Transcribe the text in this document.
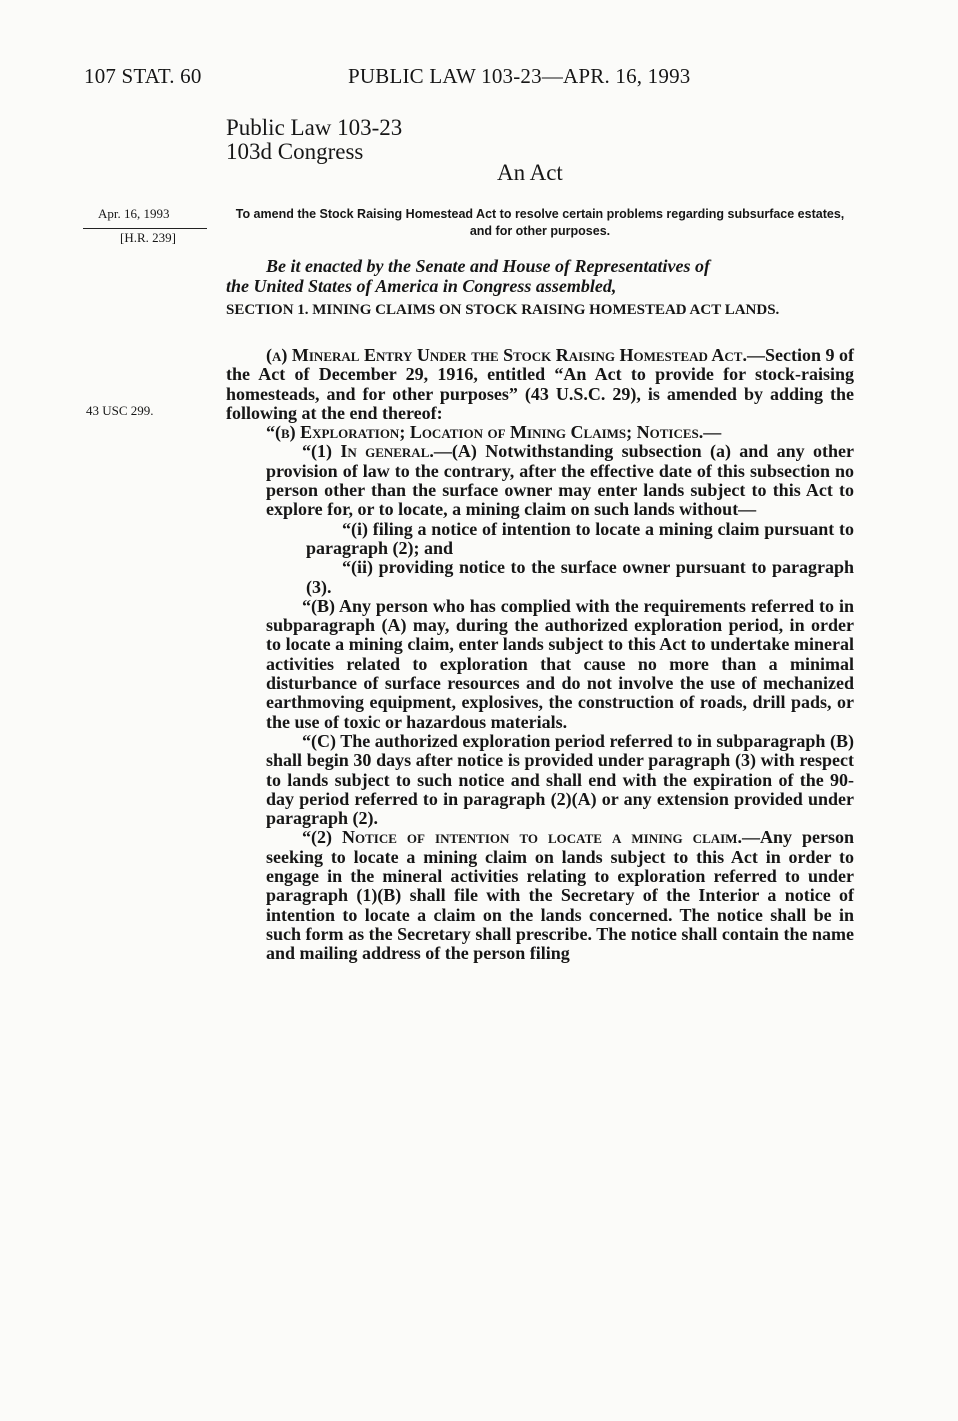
107 STAT. 60	PUBLIC LAW 103-23—APR. 16, 1993
Public Law 103-23
103d Congress
An Act
Apr. 16, 1993
[H.R. 239]
43 USC 299.
To amend the Stock Raising Homestead Act to resolve certain problems regarding subsurface estates, and for other purposes.
Be it enacted by the Senate and House of Representatives of
the United States of America in Congress assembled,
SECTION 1. MINING CLAIMS ON STOCK RAISING HOMESTEAD ACT LANDS.

(a) Mineral Entry Under the Stock Raising Homestead Act.—Section 9 of the Act of December 29, 1916, entitled “An Act to provide for stock-raising homesteads, and for other purposes” (43 U.S.C. 29), is amended by adding the following at the end thereof:

“(b) Exploration; Location of Mining Claims; Notices.—

“(1) In general.—(A) Notwithstanding subsection (a) and any other provision of law to the contrary, after the effective date of this subsection no person other than the surface owner may enter lands subject to this Act to explore for, or to locate, a mining claim on such lands without—

“(i) filing a notice of intention to locate a mining claim pursuant to paragraph (2); and

“(ii) providing notice to the surface owner pursuant to paragraph (3).

“(B) Any person who has complied with the requirements referred to in subparagraph (A) may, during the authorized exploration period, in order to locate a mining claim, enter lands subject to this Act to undertake mineral activities related to exploration that cause no more than a minimal disturbance of surface resources and do not involve the use of mechanized earthmoving equipment, explosives, the construction of roads, drill pads, or the use of toxic or hazardous materials.

“(C) The authorized exploration period referred to in subparagraph (B) shall begin 30 days after notice is provided under paragraph (3) with respect to lands subject to such notice and shall end with the expiration of the 90-day period referred to in paragraph (2)(A) or any extension provided under paragraph (2).

“(2) Notice of intention to locate a mining claim.—Any person seeking to locate a mining claim on lands subject to this Act in order to engage in the mineral activities relating to exploration referred to under paragraph (1)(B) shall file with the Secretary of the Interior a notice of intention to locate a claim on the lands concerned. The notice shall be in such form as the Secretary shall prescribe. The notice shall contain the name and mailing address of the person filing
